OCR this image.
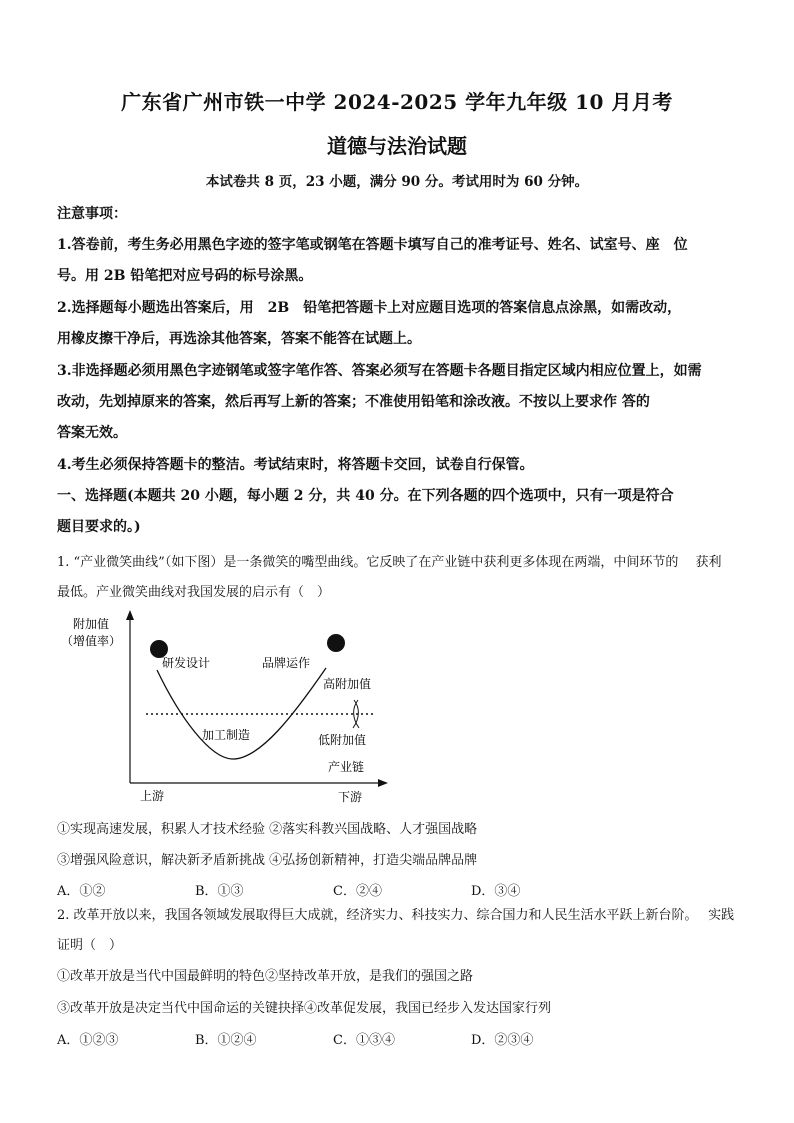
广东省广州市铁一中学 2024-2025 学年九年级 10 月月考
道德与法治试题
本试卷共 8 页，23 小题，满分 90 分。考试用时为 60 分钟。
注意事项：
1.答卷前，考生务必用黑色字迹的签字笔或钢笔在答题卡填写自己的准考证号、姓名、试室号、座　位
号。用 2B 铅笔把对应号码的标号涂黑。
2.选择题每小题选出答案后，用　2B　铅笔把答题卡上对应题目选项的答案信息点涂黑，如需改动，
用橡皮擦干净后，再选涂其他答案，答案不能答在试题上。
3.非选择题必须用黑色字迹钢笔或签字笔作答、答案必须写在答题卡各题目指定区域内相应位置上，如需
改动，先划掉原来的答案，然后再写上新的答案；不准使用铅笔和涂改液。不按以上要求作 答的
答案无效。
4.考生必须保持答题卡的整洁。考试结束时，将答题卡交回，试卷自行保管。
一、选择题(本题共 20 小题，每小题 2 分，共 40 分。在下列各题的四个选项中，只有一项是符合
题目要求的。)
1. “产业微笑曲线”（如下图）是一条微笑的嘴型曲线。它反映了在产业链中获利更多体现在两端，中间环节的　 获利
最低。产业微笑曲线对我国发展的启示有（　）
附加值
（增值率）
研发设计	品牌运作
高附加值
加工制造	低附加值
产业链
上游	下游
①实现高速发展，积累人才技术经验 ②落实科教兴国战略、人才强国战略
③增强风险意识，解决新矛盾新挑战 ④弘扬创新精神，打造尖端品牌品牌
A．①②	B．①③	C．②④	D．③④
2. 改革开放以来，我国各领域发展取得巨大成就，经济实力、科技实力、综合国力和人民生活水平跃上新台阶。　 实践
证明（　）
①改革开放是当代中国最鲜明的特色②坚持改革开放，是我们的强国之路
③改革开放是决定当代中国命运的关键抉择④改革促发展，我国已经步入发达国家行列
A．①②③	B．①②④	C．①③④	D．②③④
